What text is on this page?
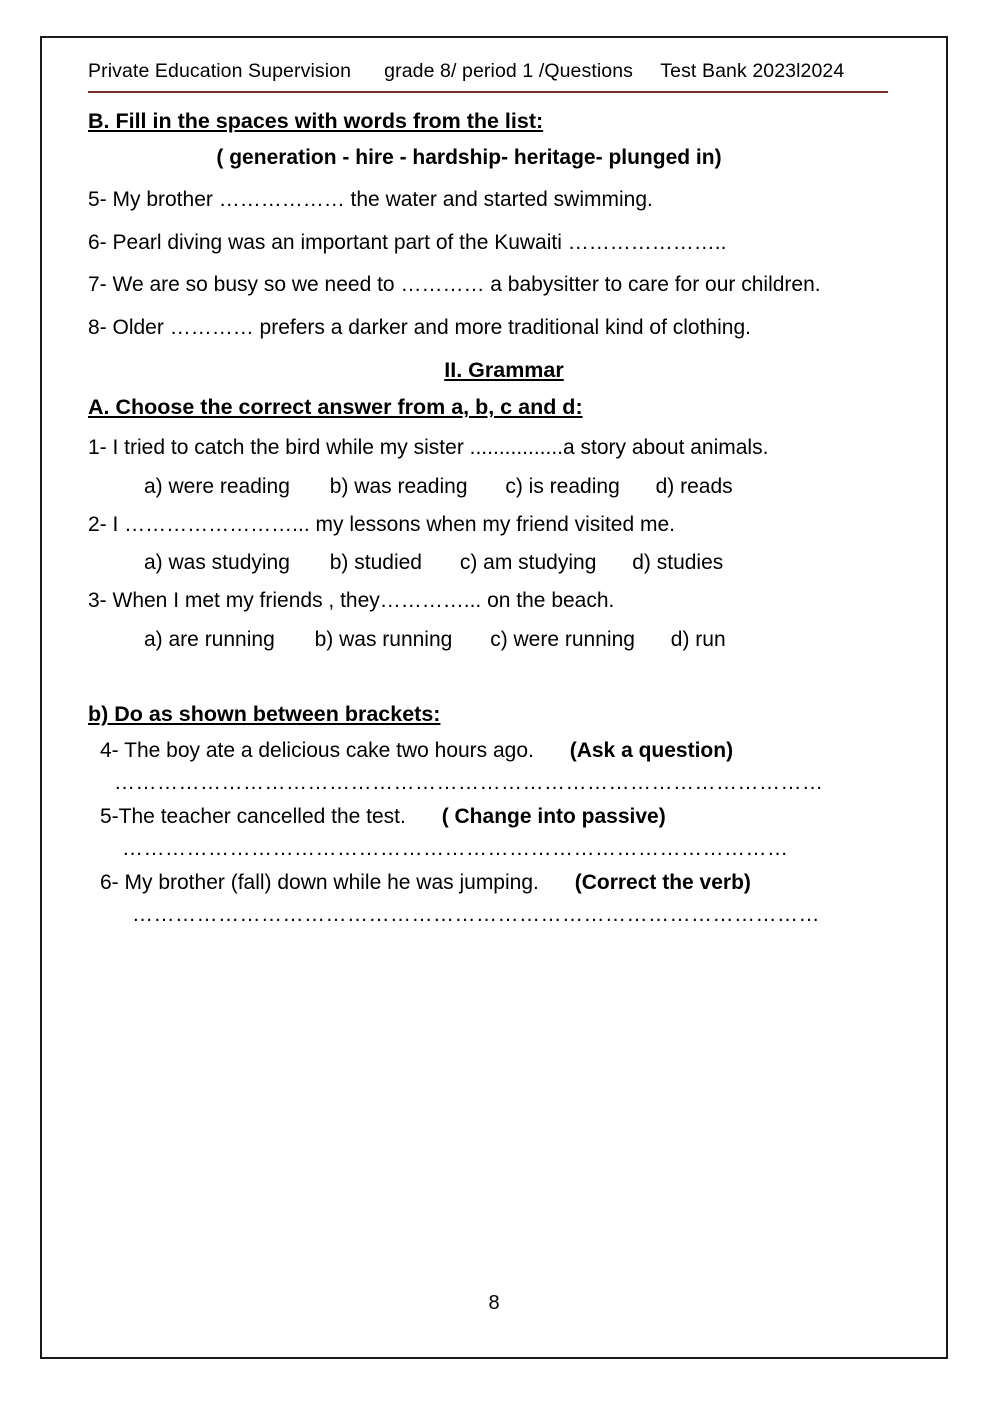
Private Education Supervision grade 8/ period 1 /Questions Test Bank 2023l2024
B. Fill in the spaces with words from the list:
( generation - hire - hardship- heritage- plunged in)
5- My brother ……………… the water and started swimming.
6- Pearl diving was an important part of the Kuwaiti …………………..
7- We are so busy so we need to ………… a babysitter to care for our children.
8- Older ………… prefers a darker and more traditional kind of clothing.
II. Grammar
A. Choose the correct answer from a, b, c and d:
1- I tried to catch the bird while my sister ................a story about animals.
a) were reading b) was reading c) is reading d) reads
2- I ……………………... my lessons when my friend visited me.
a) was studying b) studied c) am studying d) studies
3- When I met my friends , they…………... on the beach.
a) are running b) was running c) were running d) run
b) Do as shown between brackets:
4- The boy ate a delicious cake two hours ago. (Ask a question)
………………………………………………………………………………………
5-The teacher cancelled the test. ( Change into passive)
…………………………………………………………………………………
6- My brother (fall) down while he was jumping. (Correct the verb)
……………………………………………………………………………………
8
